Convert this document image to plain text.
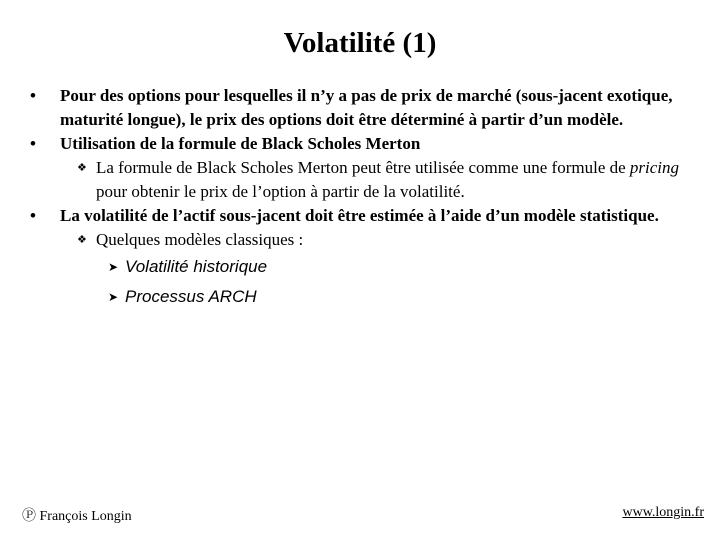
Volatilité (1)
• Pour des options pour lesquelles il n’y a pas de prix de marché (sous-jacent exotique, maturité longue), le prix des options doit être déterminé à partir d’un modèle.
• Utilisation de la formule de Black Scholes Merton
❖ La formule de Black Scholes Merton peut être utilisée comme une formule de pricing pour obtenir le prix de l’option à partir de la volatilité.
• La volatilité de l’actif sous-jacent doit être estimée à l’aide d’un modèle statistique.
❖ Quelques modèles classiques :
➤ Volatilité historique
➤ Processus ARCH
Ⓟ François Longin	www.longin.fr
